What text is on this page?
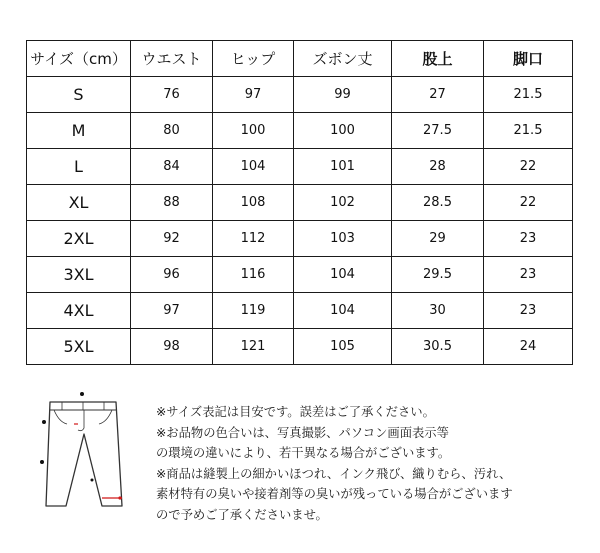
サイズ（cm）	ウエスト	ヒップ	ズボン丈	股上	脚口
S	76	97	99	27	21.5
M	80	100	100	27.5	21.5
L	84	104	101	28	22
XL	88	108	102	28.5	22
2XL	92	112	103	29	23
3XL	96	116	104	29.5	23
4XL	97	119	104	30	23
5XL	98	121	105	30.5	24
※サイズ表記は目安です。誤差はご了承ください。
※お品物の色合いは、写真撮影、パソコン画面表示等
の環境の違いにより、若干異なる場合がございます。
※商品は縫製上の細かいほつれ、インク飛び、織りむら、汚れ、
素材特有の臭いや接着剤等の臭いが残っている場合がございます
ので予めご了承くださいませ。
